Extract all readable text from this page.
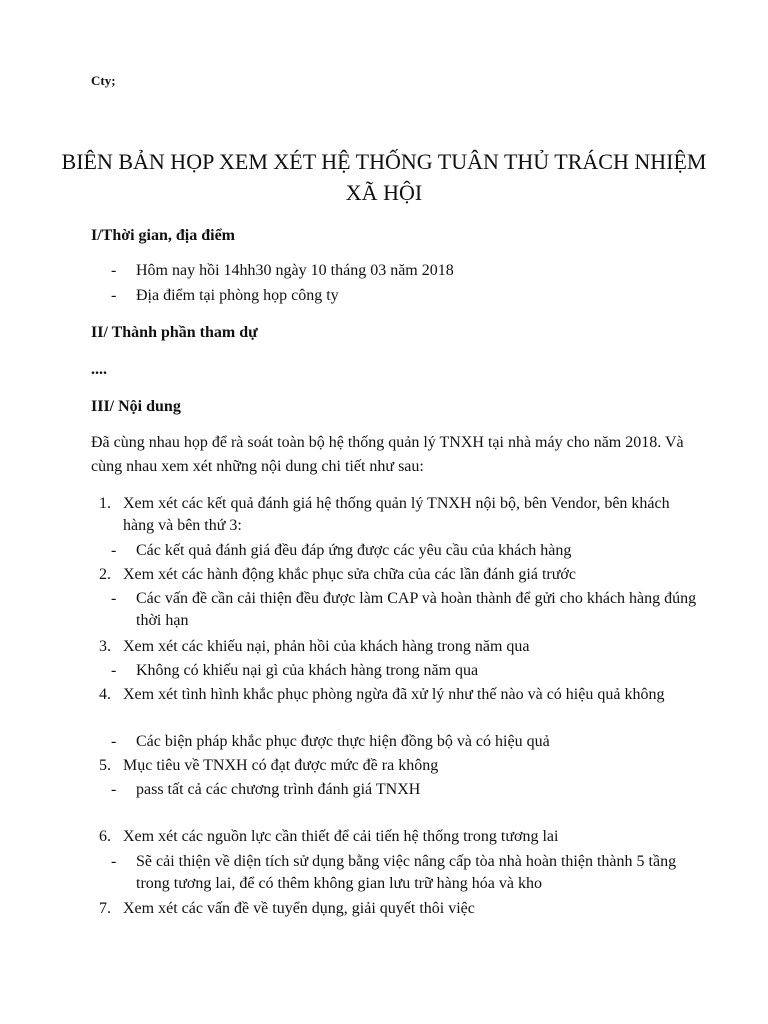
Cty;
BIÊN BẢN HỌP XEM XÉT HỆ THỐNG TUÂN THỦ TRÁCH NHIỆM XÃ HỘI
I/Thời gian, địa điểm
- Hôm nay hồi 14hh30 ngày 10 tháng 03 năm 2018
- Địa điểm tại phòng họp công ty
II/ Thành phần tham dự
....
III/ Nội dung
Đã cùng nhau họp để rà soát toàn bộ hệ thống quản lý TNXH tại nhà máy cho năm 2018. Và cùng nhau xem xét những nội dung chi tiết như sau:
1. Xem xét các kết quả đánh giá hệ thống quản lý TNXH nội bộ, bên Vendor, bên khách hàng và bên thứ 3:
- Các kết quả đánh giá đều đáp ứng được các yêu cầu của khách hàng
2. Xem xét các hành động khắc phục sửa chữa của các lần đánh giá trước
- Các vấn đề cần cải thiện đều được làm CAP và hoàn thành để gửi cho khách hàng đúng thời hạn
3. Xem xét các khiếu nại, phản hồi của khách hàng trong năm qua
- Không có khiếu nại gì của khách hàng trong năm qua
4. Xem xét tình hình khắc phục phòng ngừa đã xử lý như thế nào và có hiệu quả không
- Các biện pháp khắc phục được thực hiện đồng bộ và có hiệu quả
5. Mục tiêu về TNXH có đạt được mức đề ra không
- pass tất cả các chương trình đánh giá TNXH
6. Xem xét các nguồn lực cần thiết để cải tiến hệ thống trong tương lai
- Sẽ cải thiện về diện tích sử dụng bằng việc nâng cấp tòa nhà hoàn thiện thành 5 tầng trong tương lai, để có thêm không gian lưu trữ hàng hóa và kho
7. Xem xét các vấn đề về tuyển dụng, giải quyết thôi việc
